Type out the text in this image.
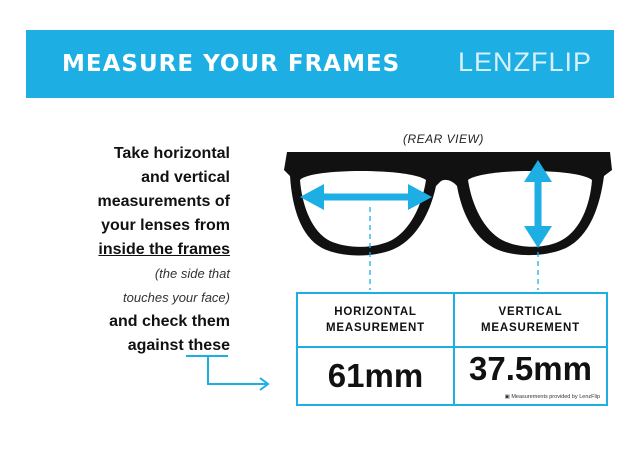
MEASURE YOUR FRAMES LENZFLIP
Take horizontal
and vertical
measurements of
your lenses from
inside the frames
(the side that
touches your face)
and check them
against these
(REAR VIEW)
HORIZONTAL
MEASUREMENT
61mm
VERTICAL
MEASUREMENT
37.5mm
▣ Measurements provided by LenzFlip
